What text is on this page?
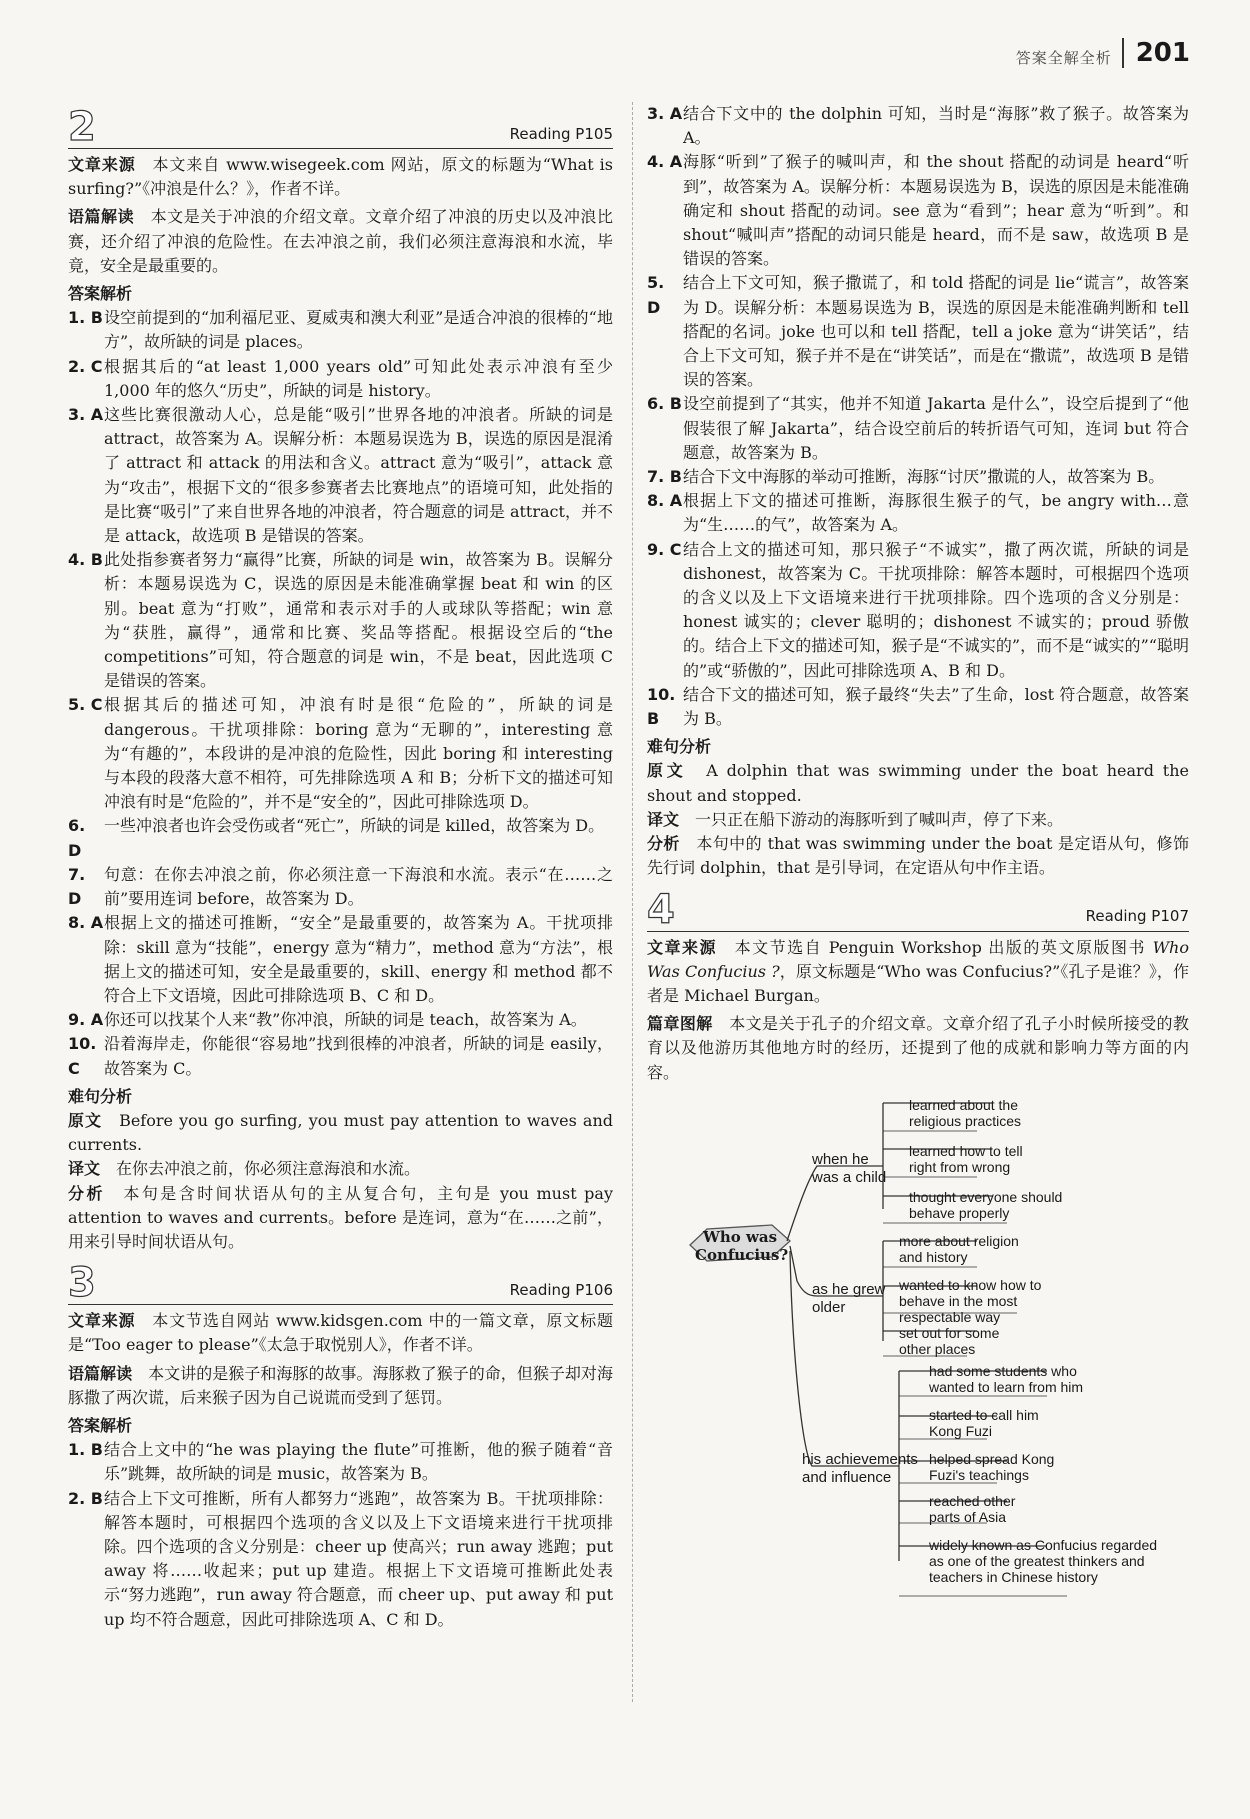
答案全解全析 201
2	Reading P105

文章来源　 本文来自 www.wisegeek.com 网站，原文的标题为“What is surfing?”《冲浪是什么？》，作者不详。

语篇解读　 本文是关于冲浪的介绍文章。文章介绍了冲浪的历史以及冲浪比赛，还介绍了冲浪的危险性。在去冲浪之前，我们必须注意海浪和水流，毕竟，安全是最重要的。

答案解析
1. B 设空前提到的“加利福尼亚、夏威夷和澳大利亚”是适合冲浪的很棒的“地方”，故所缺的词是 places。

2. C 根据其后的“at least 1,000 years old”可知此处表示冲浪有至少 1,000 年的悠久“历史”，所缺的词是 history。

3. A 这些比赛很激动人心，总是能“吸引”世界各地的冲浪者。所缺的词是 attract，故答案为 A。误解分析：本题易误选为 B，误选的原因是混淆了 attract 和 attack 的用法和含义。attract 意为“吸引”，attack 意为“攻击”，根据下文的“很多参赛者去比赛地点”的语境可知，此处指的是比赛“吸引”了来自世界各地的冲浪者，符合题意的词是 attract，并不是 attack，故选项 B 是错误的答案。

4. B 此处指参赛者努力“赢得”比赛，所缺的词是 win，故答案为 B。误解分析：本题易误选为 C，误选的原因是未能准确掌握 beat 和 win 的区别。beat 意为“打败”，通常和表示对手的人或球队等搭配；win 意为“获胜，赢得”，通常和比赛、奖品等搭配。根据设空后的“the competitions”可知，符合题意的词是 win，不是 beat，因此选项 C 是错误的答案。

5. C 根据其后的描述可知，冲浪有时是很“危险的”，所缺的词是 dangerous。干扰项排除：boring 意为“无聊的”，interesting 意为“有趣的”，本段讲的是冲浪的危险性，因此 boring 和 interesting 与本段的段落大意不相符，可先排除选项 A 和 B；分析下文的描述可知冲浪有时是“危险的”，并不是“安全的”，因此可排除选项 D。

6. D

一些冲浪者也许会受伤或者“死亡”，所缺的词是 killed，故答案为 D。

7. D

句意：在你去冲浪之前，你必须注意一下海浪和水流。表示“在……之前”要用连词 before，故答案为 D。

8. A 根据上文的描述可推断，“安全”是最重要的，故答案为 A。干扰项排除：skill 意为“技能”，energy 意为“精力”，method 意为“方法”，根据上文的描述可知，安全是最重要的，skill、energy 和 method 都不符合上下文语境，因此可排除选项 B、C 和 D。

9. A 你还可以找某个人来“教”你冲浪，所缺的词是 teach，故答案为 A。

10. C

沿着海岸走，你能很“容易地”找到很棒的冲浪者，所缺的词是 easily，故答案为 C。

难句分析

原文　 Before you go surfing, you must pay attention to waves and currents.

译文　 在你去冲浪之前，你必须注意海浪和水流。

分析　 本句是含时间状语从句的主从复合句，主句是 you must pay attention to waves and currents。before 是连词，意为“在……之前”，用来引导时间状语从句。

3	Reading P106

文章来源　 本文节选自网站 www.kidsgen.com 中的一篇文章，原文标题是“Too eager to please”《太急于取悦别人》，作者不详。

语篇解读　 本文讲的是猴子和海豚的故事。海豚救了猴子的命，但猴子却对海豚撒了两次谎，后来猴子因为自己说谎而受到了惩罚。

答案解析
1. B 结合上文中的“he was playing the flute”可推断，他的猴子随着“音乐”跳舞，故所缺的词是 music，故答案为 B。

2. B 结合上下文可推断，所有人都努力“逃跑”，故答案为 B。干扰项排除：解答本题时，可根据四个选项的含义以及上下文语境来进行干扰项排除。四个选项的含义分别是：cheer up 使高兴；run away 逃跑；put away 将……收起来；put up 建造。根据上下文语境可推断此处表示“努力逃跑”，run away 符合题意，而 cheer up、put away 和 put up 均不符合题意，因此可排除选项 A、C 和 D。

3. A 结合下文中的 the dolphin 可知，当时是“海豚”救了猴子。故答案为 A。

4. A 海豚“听到”了猴子的喊叫声，和 the shout 搭配的动词是 heard“听到”，故答案为 A。误解分析：本题易误选为 B，误选的原因是未能准确确定和 shout 搭配的动词。see 意为“看到”；hear 意为“听到”。和 shout“喊叫声”搭配的动词只能是 heard，而不是 saw，故选项 B 是错误的答案。

5. D

结合上下文可知，猴子撒谎了，和 told 搭配的词是 lie“谎言”，故答案为 D。误解分析：本题易误选为 B，误选的原因是未能准确判断和 tell 搭配的名词。joke 也可以和 tell 搭配，tell a joke 意为“讲笑话”，结合上下文可知，猴子并不是在“讲笑话”，而是在“撒谎”，故选项 B 是错误的答案。

6. B 设空前提到了“其实，他并不知道 Jakarta 是什么”，设空后提到了“他假装很了解 Jakarta”，结合设空前后的转折语气可知，连词 but 符合题意，故答案为 B。

7. B 结合下文中海豚的举动可推断，海豚“讨厌”撒谎的人，故答案为 B。

8. A 根据上下文的描述可推断，海豚很生猴子的气，be angry with…意为“生……的气”，故答案为 A。

9. C 结合上文的描述可知，那只猴子“不诚实”，撒了两次谎，所缺的词是 dishonest，故答案为 C。干扰项排除：解答本题时，可根据四个选项的含义以及上下文语境来进行干扰项排除。四个选项的含义分别是：honest 诚实的；clever 聪明的；dishonest 不诚实的；proud 骄傲的。结合上下文的描述可知，猴子是“不诚实的”，而不是“诚实的”“聪明的”或“骄傲的”，因此可排除选项 A、B 和 D。

10. B

结合下文的描述可知，猴子最终“失去”了生命，lost 符合题意，故答案为 B。

难句分析

原文　 A dolphin that was swimming under the boat heard the shout and stopped.

译文　 一只正在船下游动的海豚听到了喊叫声，停了下来。

分析　 本句中的 that was swimming under the boat 是定语从句，修饰先行词 dolphin，that 是引导词，在定语从句中作主语。

4	Reading P107

文章来源　 本文节选自 Penguin Workshop 出版的英文原版图书 Who Was Confucius ?，原文标题是“Who was Confucius?”《孔子是谁？》，作者是 Michael Burgan。

篇章图解　 本文是关于孔子的介绍文章。文章介绍了孔子小时候所接受的教育以及他游历其他地方时的经历，还提到了他的成就和影响力等方面的内容。

Who was Confucius?
when he was a child
as he grew older
his achievements and influence
learned about the religious practices
learned how to tell right from wrong
thought everyone should behave properly
more about religion and history
wanted to know how to behave in the most respectable way
set out for some other places
had some students who wanted to learn from him
started to call him Kong Fuzi
helped spread Kong Fuzi's teachings
reached other parts of Asia
widely known as Confucius regarded as one of the greatest thinkers and teachers in Chinese history
